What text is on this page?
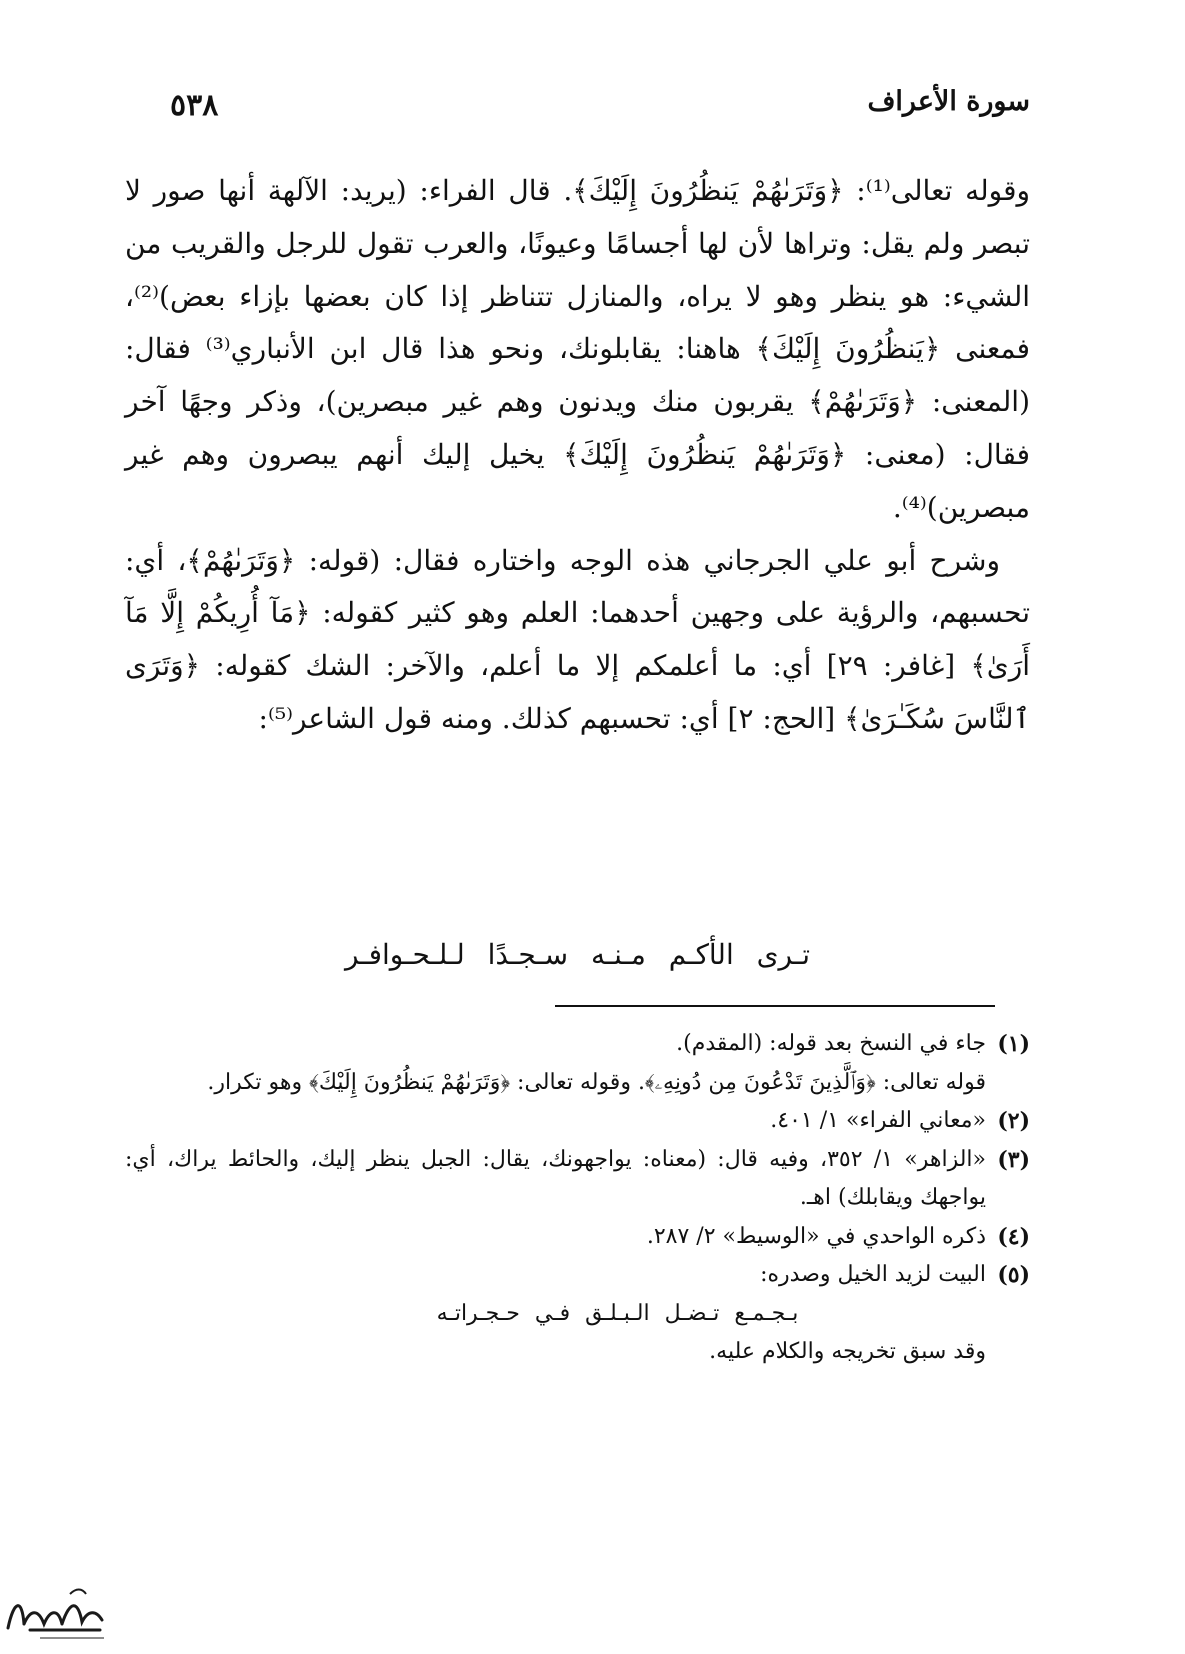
سورة الأعراف
٥٣٨

وقوله تعالى⁽¹⁾: ﴿وَتَرَىٰهُمْ يَنظُرُونَ إِلَيْكَ﴾. قال الفراء: (يريد: الآلهة أنها صور لا تبصر ولم يقل: وتراها لأن لها أجسامًا وعيونًا، والعرب تقول للرجل والقريب من الشيء: هو ينظر وهو لا يراه، والمنازل تتناظر إذا كان بعضها بإزاء بعض)⁽²⁾، فمعنى ﴿يَنظُرُونَ إِلَيْكَ﴾ هاهنا: يقابلونك، ونحو هذا قال ابن الأنباري⁽³⁾ فقال: (المعنى: ﴿وَتَرَىٰهُمْ﴾ يقربون منك ويدنون وهم غير مبصرين)، وذكر وجهًا آخر فقال: (معنى: ﴿وَتَرَىٰهُمْ يَنظُرُونَ إِلَيْكَ﴾ يخيل إليك أنهم يبصرون وهم غير مبصرين)⁽⁴⁾.

وشرح أبو علي الجرجاني هذه الوجه واختاره فقال: (قوله: ﴿وَتَرَىٰهُمْ﴾، أي: تحسبهم، والرؤية على وجهين أحدهما: العلم وهو كثير كقوله: ﴿مَآ أُرِيكُمْ إِلَّا مَآ أَرَىٰ﴾ [غافر: ٢٩] أي: ما أعلمكم إلا ما أعلم، والآخر: الشك كقوله: ﴿وَتَرَى ٱلنَّاسَ سُكَـٰرَىٰ﴾ [الحج: ٢] أي: تحسبهم كذلك. ومنه قول الشاعر⁽⁵⁾:

تـرى الأكـم مـنـه سـجـدًا لـلـحـوافـر
(١)
جاء في النسخ بعد قوله: (المقدم).
قوله تعالى: ﴿وَٱلَّذِينَ تَدْعُونَ مِن دُونِهِۦ﴾. وقوله تعالى: ﴿وَتَرَىٰهُمْ يَنظُرُونَ إِلَيْكَ﴾ وهو تكرار.
(٢)
«معاني الفراء» ١/ ٤٠١.
(٣)
«الزاهر» ١/ ٣٥٢، وفيه قال: (معناه: يواجهونك، يقال: الجبل ينظر إليك، والحائط يراك، أي: يواجهك ويقابلك) اهـ.
(٤)
ذكره الواحدي في «الوسيط» ٢/ ٢٨٧.
(٥)
البيت لزيد الخيل وصدره:
بـجـمـع تـضـل الـبـلـق فـي حـجـراتـه
وقد سبق تخريجه والكلام عليه.
